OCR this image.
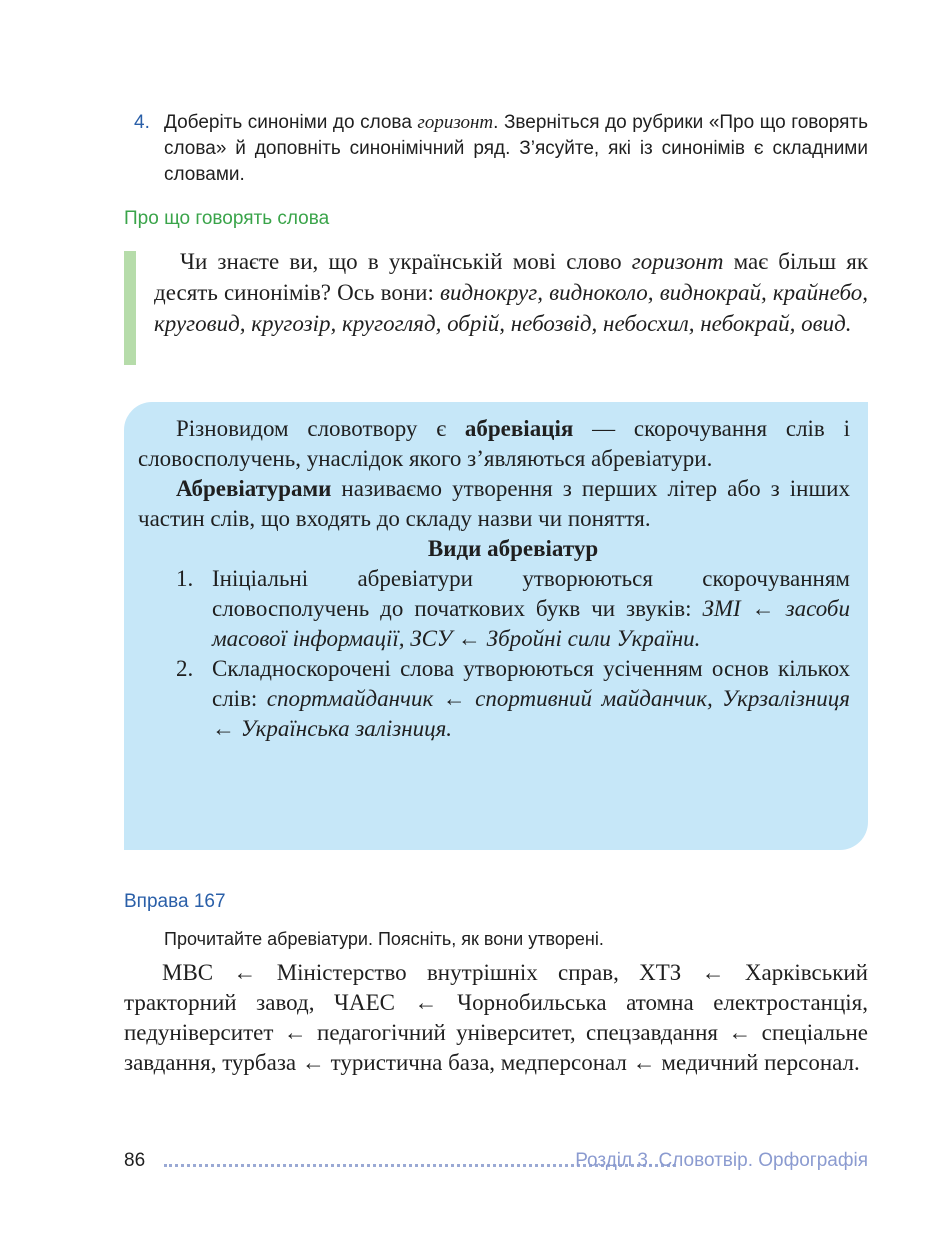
4. Доберіть синоніми до слова горизонт. Зверніться до рубрики «Про що говорять слова» й доповніть синонімічний ряд. З’ясуйте, які із синонімів є складними словами.
Про що говорять слова
Чи знаєте ви, що в українській мові слово горизонт має більш як десять синонімів? Ось вони: виднокруг, видноколо, виднокрай, крайнебо, круговид, кругозір, кругогляд, обрій, небозвід, небосхил, небокрай, овид.

Різновидом словотвору є абревіація — скорочування слів і словосполучень, унаслідок якого з’являються абревіатури.

Абревіатурами називаємо утворення з перших літер або з інших частин слів, що входять до складу назви чи поняття.

Види абревіатур

1. Ініціальні абревіатури утворюються скорочуванням словосполучень до початкових букв чи звуків: ЗМІ ← засоби масової інформації, ЗСУ ← Збройні сили України.
2. Складноскорочені слова утворюються усіченням основ кількох слів: спортмайданчик ← спортивний майданчик, Укрзалізниця ← Українська залізниця.
Вправа 167
Прочитайте абревіатури. Поясніть, як вони утворені.
МВС ← Міністерство внутрішніх справ, ХТЗ ← Харківський тракторний завод, ЧАЕС ← Чорнобильська атомна електростанція, педуніверситет ← педагогічний університет, спецзавдання ← спеціальне завдання, турбаза ← туристична база, медперсонал ← медичний персонал.
86	Розділ 3. Словотвір. Орфографія
